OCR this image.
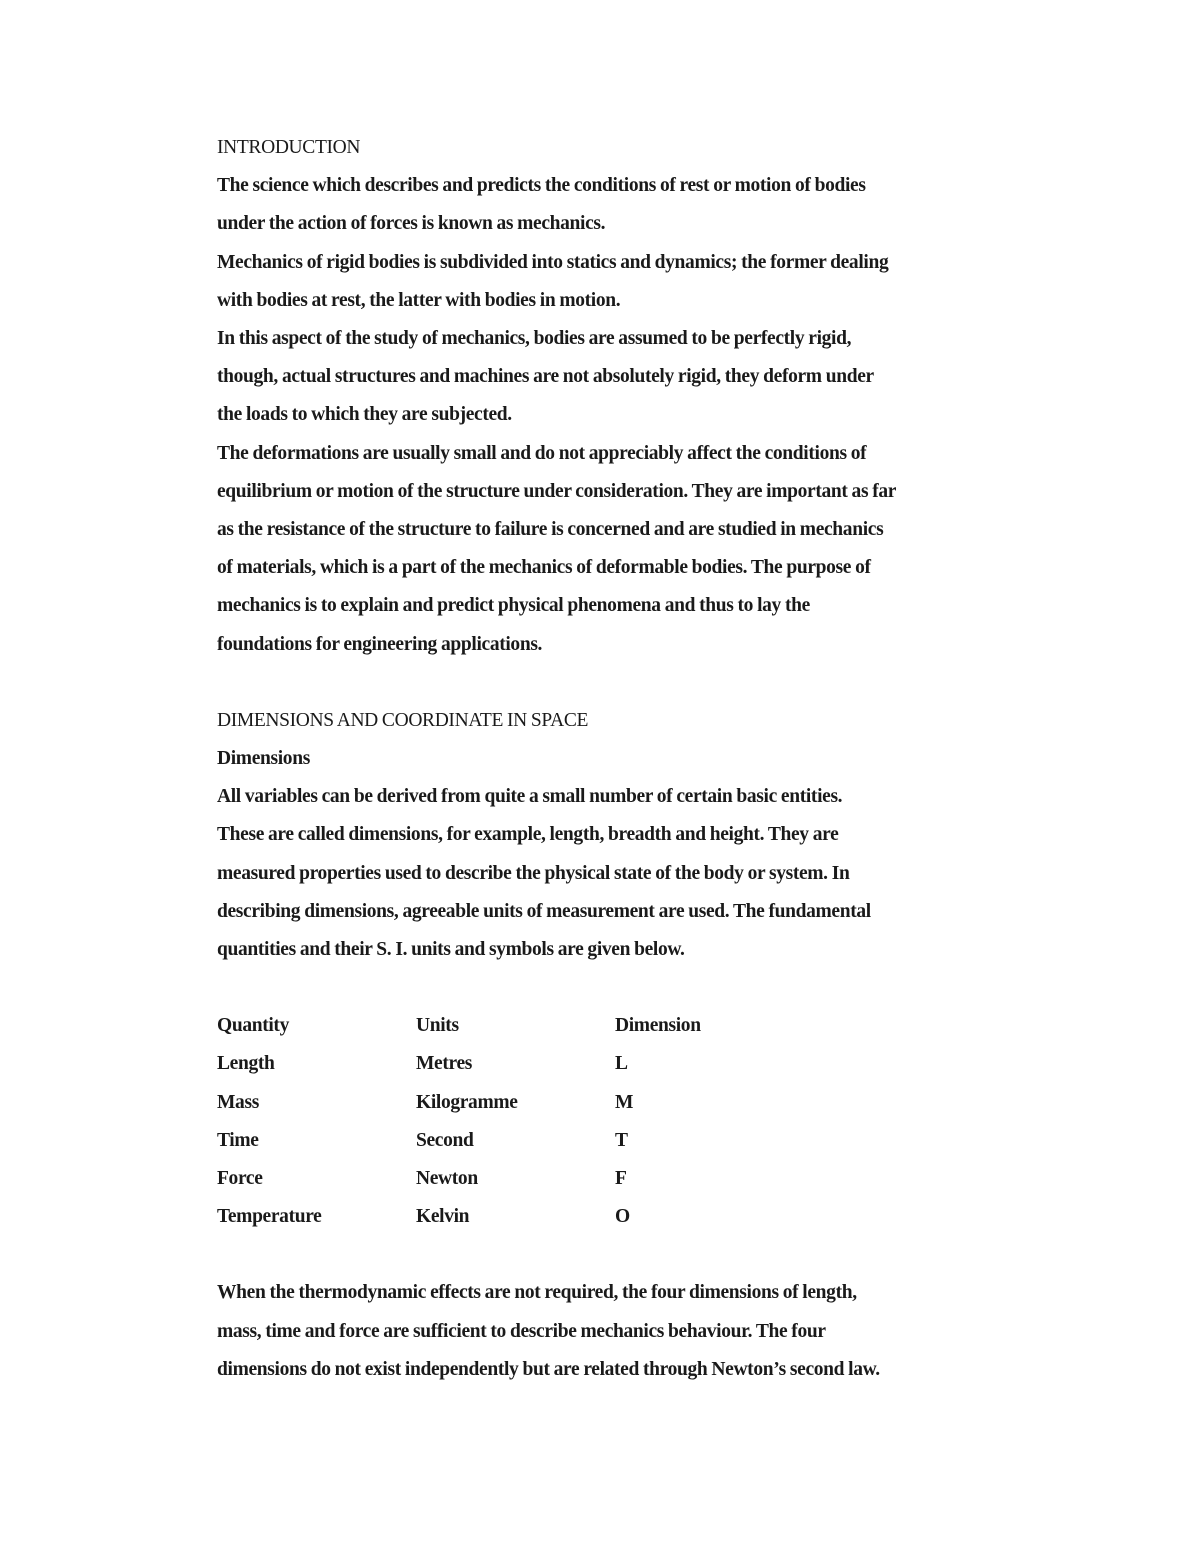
INTRODUCTION

The science which describes and predicts the conditions of rest or motion of bodies

under the action of forces is known as mechanics.

Mechanics of rigid bodies is subdivided into statics and dynamics; the former dealing

with bodies at rest, the latter with bodies in motion.

In this aspect of the study of mechanics, bodies are assumed to be perfectly rigid,

though, actual structures and machines are not absolutely rigid, they deform under

the loads to which they are subjected.

The deformations are usually small and do not appreciably affect the conditions of

equilibrium or motion of the structure under consideration. They are important as far

as the resistance of the structure to failure is concerned and are studied in mechanics

of materials, which is a part of the mechanics of deformable bodies. The purpose of

mechanics is to explain and predict physical phenomena and thus to lay the

foundations for engineering applications.

DIMENSIONS AND COORDINATE IN SPACE
Dimensions

All variables can be derived from quite a small number of certain basic entities.

These are called dimensions, for example, length, breadth and height. They are

measured properties used to describe the physical state of the body or system. In

describing dimensions, agreeable units of measurement are used. The fundamental

quantities and their S. I. units and symbols are given below.

Quantity	Units	Dimension
Length	Metres	L
Mass	Kilogramme	M
Time	Second	T
Force	Newton	F
Temperature	Kelvin	O

When the thermodynamic effects are not required, the four dimensions of length,

mass, time and force are sufficient to describe mechanics behaviour. The four

dimensions do not exist independently but are related through Newton’s second law.
